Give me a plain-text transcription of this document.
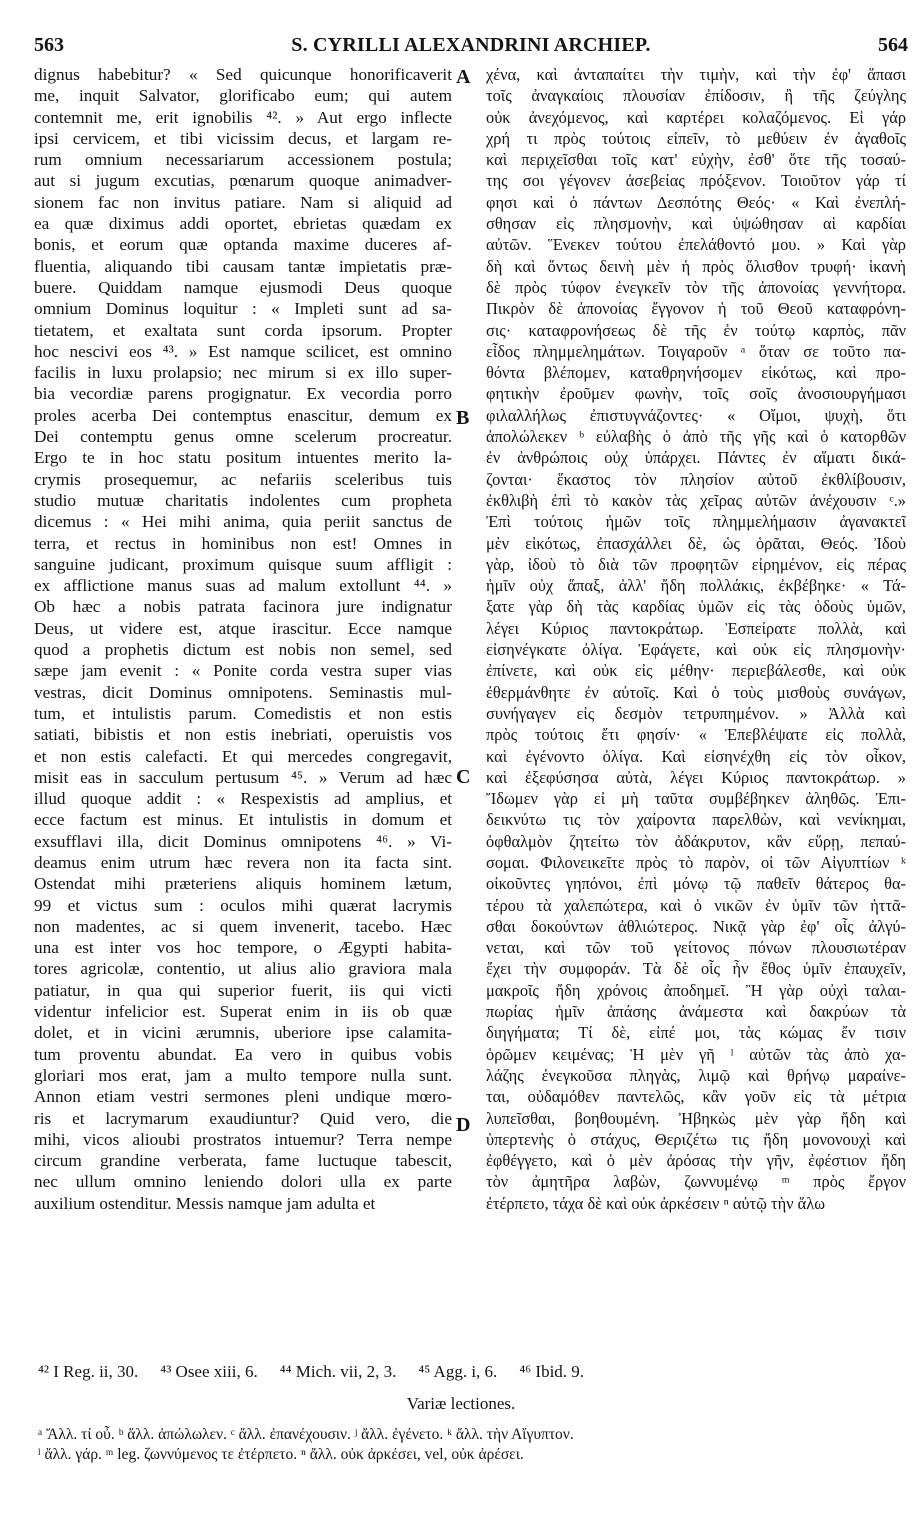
563	S. CYRILLI ALEXANDRINI ARCHIEP.	564
dignus habebitur? « Sed quicunque honorificaverit
me, inquit Salvator, glorificabo eum; qui autem
contemnit me, erit ignobilis ⁴². » Aut ergo inflecte
ipsi cervicem, et tibi vicissim decus, et largam re-
rum omnium necessariarum accessionem postula;
aut si jugum excutias, pœnarum quoque animadver-
sionem fac non invitus patiare. Nam si aliquid ad
ea quæ diximus addi oportet, ebrietas quædam ex
bonis, et eorum quæ optanda maxime duceres af-
fluentia, aliquando tibi causam tantæ impietatis præ-
buere. Quiddam namque ejusmodi Deus quoque
omnium Dominus loquitur : « Impleti sunt ad sa-
tietatem, et exaltata sunt corda ipsorum. Propter
hoc nescivi eos ⁴³. » Est namque scilicet, est omnino
facilis in luxu prolapsio; nec mirum si ex illo super-
bia vecordiæ parens progignatur. Ex vecordia porro
proles acerba Dei contemptus enascitur, demum ex
Dei contemptu genus omne scelerum procreatur.
Ergo te in hoc statu positum intuentes merito la-
crymis prosequemur, ac nefariis sceleribus tuis
studio mutuæ charitatis indolentes cum propheta
dicemus : « Hei mihi anima, quia periit sanctus de
terra, et rectus in hominibus non est! Omnes in
sanguine judicant, proximum quisque suum affligit :
ex afflictione manus suas ad malum extollunt ⁴⁴. »
Ob hæc a nobis patrata facinora jure indignatur
Deus, ut videre est, atque irascitur. Ecce namque
quod a prophetis dictum est nobis non semel, sed
sæpe jam evenit : « Ponite corda vestra super vias
vestras, dicit Dominus omnipotens. Seminastis mul-
tum, et intulistis parum. Comedistis et non estis
satiati, bibistis et non estis inebriati, operuistis vos
et non estis calefacti. Et qui mercedes congregavit,
misit eas in sacculum pertusum ⁴⁵. » Verum ad hæc
illud quoque addit : « Respexistis ad amplius, et
ecce factum est minus. Et intulistis in domum et
exsufflavi illa, dicit Dominus omnipotens ⁴⁶. » Vi-
deamus enim utrum hæc revera non ita facta sint.
Ostendat mihi præteriens aliquis hominem lætum,
99 et victus sum : oculos mihi quærat lacrymis
non madentes, ac si quem invenerit, tacebo. Hæc
una est inter vos hoc tempore, o Ægypti habita-
tores agricolæ, contentio, ut alius alio graviora mala
patiatur, in qua qui superior fuerit, iis qui victi
videntur infelicior est. Superat enim in iis ob quæ
dolet, et in vicini ærumnis, uberiore ipse calamita-
tum proventu abundat. Ea vero in quibus vobis
gloriari mos erat, jam a multo tempore nulla sunt.
Annon etiam vestri sermones pleni undique mœro-
ris et lacrymarum exaudiuntur? Quid vero, die
mihi, vicos alioubi prostratos intuemur? Terra nempe
circum grandine verberata, fame luctuque tabescit,
nec ullum omnino leniendo dolori ulla ex parte
auxilium ostenditur. Messis namque jam adulta et
χένα, καὶ ἀνταπαίτει τὴν τιμὴν, καὶ τὴν ἐφ' ἅπασι
τοῖς ἀναγκαίοις πλουσίαν ἐπίδοσιν, ἢ τῆς ζεύγλης
οὐκ ἀνεχόμενος, καὶ καρτέρει κολαζόμενος. Εἰ γάρ
χρή τι πρὸς τούτοις εἰπεῖν, τὸ μεθύειν ἐν ἀγαθοῖς
καὶ περιχεῖσθαι τοῖς κατ' εὐχὴν, ἐσθ' ὅτε τῆς τοσαύ-
της σοι γέγονεν ἀσεβείας πρόξενον. Τοιοῦτον γάρ τί
φησι καὶ ὁ πάντων Δεσπότης Θεός· « Καὶ ἐνεπλή-
σθησαν εἰς πλησμονὴν, καὶ ὑψώθησαν αἱ καρδίαι
αὐτῶν. Ἕνεκεν τούτου ἐπελάθοντό μου. » Καὶ γὰρ
δὴ καὶ ὄντως δεινὴ μὲν ἡ πρὸς ὄλισθον τρυφή· ἱκανὴ
δὲ πρὸς τύφον ἐνεγκεῖν τὸν τῆς ἀπονοίας γεννήτορα.
Πικρὸν δὲ ἀπονοίας ἔγγονον ἡ τοῦ Θεοῦ καταφρόνη-
σις· καταφρονήσεως δὲ τῆς ἐν τούτῳ καρπὸς, πᾶν
εἶδος πλημμελημάτων. Τοιγαροῦν ᵃ ὅταν σε τοῦτο πα-
θόντα βλέπομεν, καταθρηνήσομεν εἰκότως, καὶ προ-
φητικὴν ἐροῦμεν φωνὴν, τοῖς σοῖς ἀνοσιουργήμασι
φιλαλλήλως ἐπιστυγνάζοντες· « Οἴμοι, ψυχὴ, ὅτι
ἀπολώλεκεν ᵇ εὐλαβὴς ὁ ἀπὸ τῆς γῆς καὶ ὁ κατορθῶν
ἐν ἀνθρώποις οὐχ ὑπάρχει. Πάντες ἐν αἵματι δικά-
ζονται· ἕκαστος τὸν πλησίον αὐτοῦ ἐκθλίβουσιν,
ἐκθλιβὴ ἐπὶ τὸ κακὸν τὰς χεῖρας αὐτῶν ἀνέχουσιν ᶜ.»
Ἐπὶ τούτοις ἡμῶν τοῖς πλημμελήμασιν ἀγανακτεῖ
μὲν εἰκότως, ἐπασχάλλει δὲ, ὡς ὁρᾶται, Θεός. Ἰδοὺ
γὰρ, ἰδοὺ τὸ διὰ τῶν προφητῶν εἰρημένον, εἰς πέρας
ἡμῖν οὐχ ἅπαξ, ἀλλ' ἤδη πολλάκις, ἐκβέβηκε· « Τά-
ξατε γὰρ δὴ τὰς καρδίας ὑμῶν εἰς τὰς ὁδοὺς ὑμῶν,
λέγει Κύριος παντοκράτωρ. Ἐσπείρατε πολλὰ, καὶ
εἰσηνέγκατε ὀλίγα. Ἐφάγετε, καὶ οὐκ εἰς πλησμονὴν·
ἐπίνετε, καὶ οὐκ εἰς μέθην· περιεβάλεσθε, καὶ οὐκ
ἐθερμάνθητε ἐν αὐτοῖς. Καὶ ὁ τοὺς μισθοὺς συνάγων,
συνήγαγεν εἰς δεσμὸν τετρυπημένον. » Ἀλλὰ καὶ
πρὸς τούτοις ἔτι φησίν· « Ἐπεβλέψατε εἰς πολλὰ,
καὶ ἐγένοντο ὀλίγα. Καὶ εἰσηνέχθη εἰς τὸν οἶκον,
καὶ ἐξεφύσησα αὐτὰ, λέγει Κύριος παντοκράτωρ. »
Ἴδωμεν γὰρ εἰ μὴ ταῦτα συμβέβηκεν ἀληθῶς. Ἐπι-
δεικνύτω τις τὸν χαίροντα παρελθὼν, καὶ νενίκημαι,
ὀφθαλμὸν ζητείτω τὸν ἀδάκρυτον, κἂν εὕρῃ, πεπαύ-
σομαι. Φιλονεικεῖτε πρὸς τὸ παρὸν, οἱ τῶν Αἰγυπτίων ᵏ
οἰκοῦντες γηπόνοι, ἐπὶ μόνῳ τῷ παθεῖν θάτερος θα-
τέρου τὰ χαλεπώτερα, καὶ ὁ νικῶν ἐν ὑμῖν τῶν ἡττᾶ-
σθαι δοκούντων ἀθλιώτερος. Νικᾷ γὰρ ἐφ' οἷς ἀλγύ-
νεται, καὶ τῶν τοῦ γείτονος πόνων πλουσιωτέραν
ἔχει τὴν συμφοράν. Τὰ δὲ οἷς ἦν ἔθος ὑμῖν ἐπαυχεῖν,
μακροῖς ἤδη χρόνοις ἀποδημεῖ. Ἢ γὰρ οὐχὶ ταλαι-
πωρίας ἡμῖν ἁπάσης ἀνάμεστα καὶ δακρύων τὰ
διηγήματα; Τί δὲ, εἰπέ μοι, τὰς κώμας ἔν τισιν
ὁρῶμεν κειμένας; Ἡ μὲν γῆ ˡ αὐτῶν τὰς ἀπὸ χα-
λάζης ἐνεγκοῦσα πληγὰς, λιμῷ καὶ θρήνῳ μαραίνε-
ται, οὐδαμόθεν παντελῶς, κἂν γοῦν εἰς τὰ μέτρια
λυπεῖσθαι, βοηθουμένη. Ἠβηκὼς μὲν γὰρ ἤδη καὶ
ὑπερτενὴς ὁ στάχυς, Θεριζέτω τις ἤδη μονονουχὶ καὶ
ἐφθέγγετο, καὶ ὁ μὲν ἀρόσας τὴν γῆν, ἐφέστιον ἤδη
τὸν ἀμητῆρα λαβὼν, ζωννυμένῳ ᵐ πρὸς ἔργον
ἐτέρπετο, τάχα δὲ καὶ οὐκ ἀρκέσειν ⁿ αὐτῷ τὴν ἅλω
A
B
C
D
⁴² I Reg. ii, 30. ⁴³ Osee xiii, 6. ⁴⁴ Mich. vii, 2, 3. ⁴⁵ Agg. i, 6. ⁴⁶ Ibid. 9.
Variæ lectiones.
ᵃ Ἄλλ. τί οὖ. ᵇ ἄλλ. ἀπώλωλεν. ᶜ ἄλλ. ἐπανέχουσιν. ʲ ἄλλ. ἐγένετο. ᵏ ἄλλ. τὴν Αἴγυπτον.
ˡ ἄλλ. γάρ. ᵐ leg. ζωννύμενος τε ἐτέρπετο. ⁿ ἄλλ. οὐκ ἀρκέσει, vel, οὐκ ἀρέσει.
